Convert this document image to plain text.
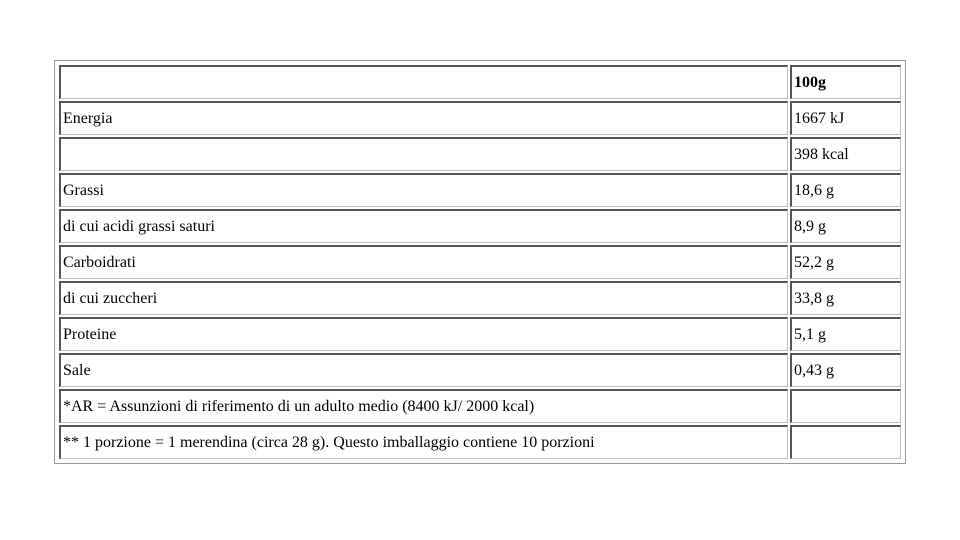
	100g
Energia	1667 kJ
	398 kcal
Grassi	18,6 g
di cui acidi grassi saturi	8,9 g
Carboidrati	52,2 g
di cui zuccheri	33,8 g
Proteine	5,1 g
Sale	0,43 g
*AR = Assunzioni di riferimento di un adulto medio (8400 kJ/ 2000 kcal)	
** 1 porzione = 1 merendina (circa 28 g). Questo imballaggio contiene 10 porzioni	
